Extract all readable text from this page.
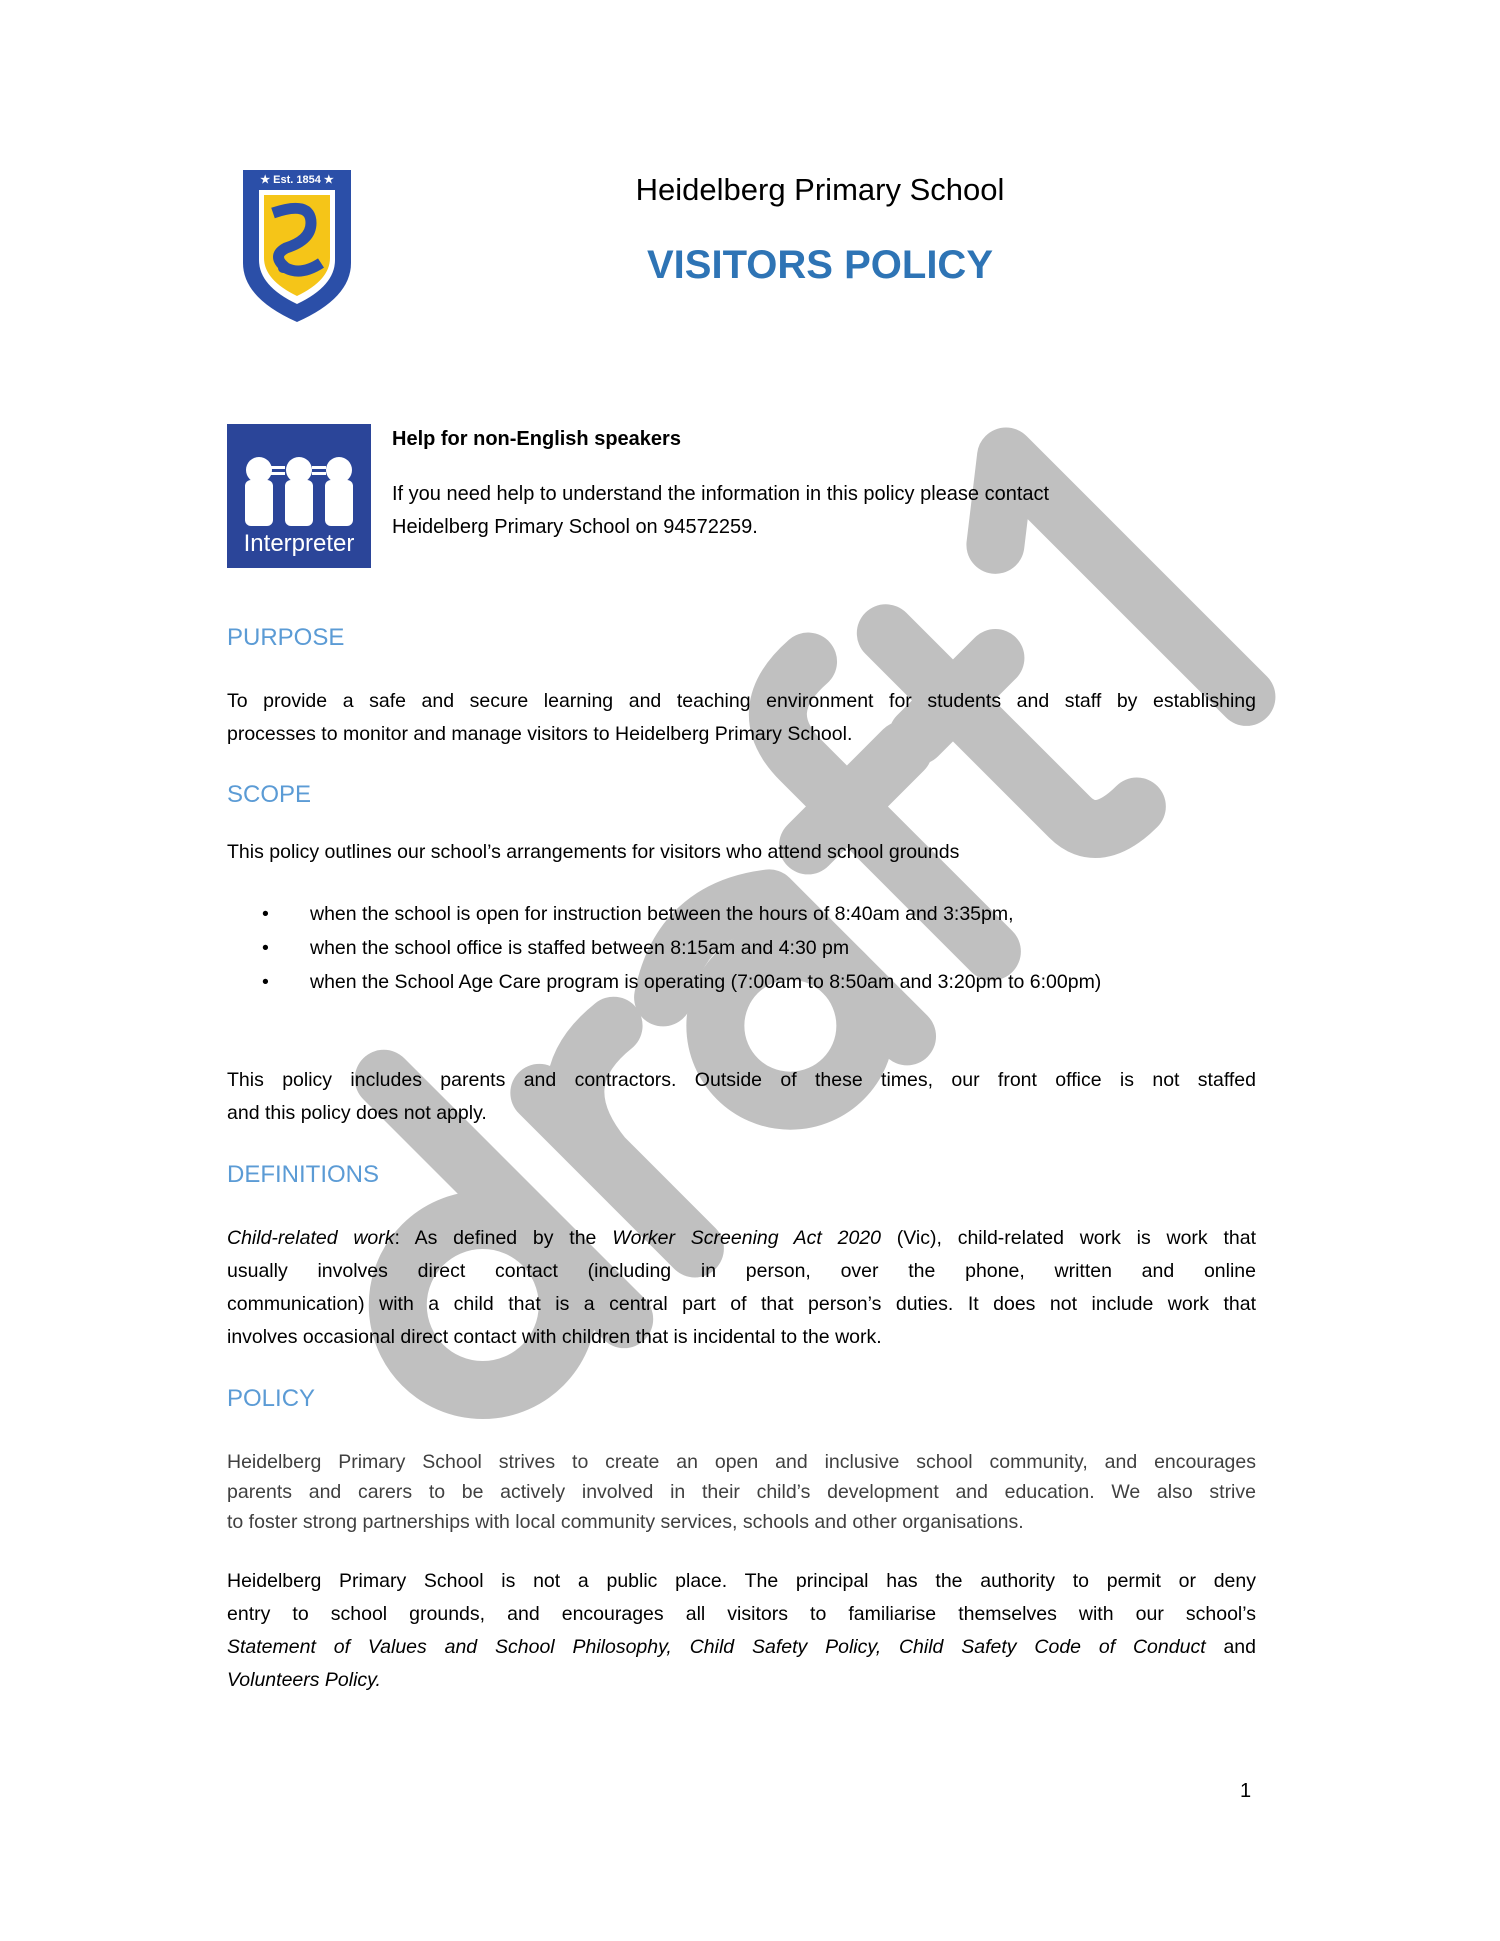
★ Est. 1854 ★	Heidelberg Primary School
VISITORS POLICY
Interpreter
Help for non-English speakers
If you need help to understand the information in this policy please contact
Heidelberg Primary School on 94572259.
PURPOSE
To provide a safe and secure learning and teaching environment for students and staff by establishing
processes to monitor and manage visitors to Heidelberg Primary School.
SCOPE
This policy outlines our school’s arrangements for visitors who attend school grounds
• when the school is open for instruction between the hours of 8:40am and 3:35pm,
• when the school office is staffed between 8:15am and 4:30 pm
• when the School Age Care program is operating (7:00am to 8:50am and 3:20pm to 6:00pm)
This policy includes parents and contractors. Outside of these times, our front office is not staffed
and this policy does not apply.
DEFINITIONS
Child-related work: As defined by the Worker Screening Act 2020 (Vic), child-related work is work that
usually involves direct contact (including in person, over the phone, written and online
communication) with a child that is a central part of that person’s duties. It does not include work that
involves occasional direct contact with children that is incidental to the work.
POLICY
Heidelberg Primary School strives to create an open and inclusive school community, and encourages
parents and carers to be actively involved in their child’s development and education. We also strive
to foster strong partnerships with local community services, schools and other organisations.
Heidelberg Primary School is not a public place. The principal has the authority to permit or deny
entry to school grounds, and encourages all visitors to familiarise themselves with our school’s
Statement of Values and School Philosophy, Child Safety Policy, Child Safety Code of Conduct and
Volunteers Policy.
1
